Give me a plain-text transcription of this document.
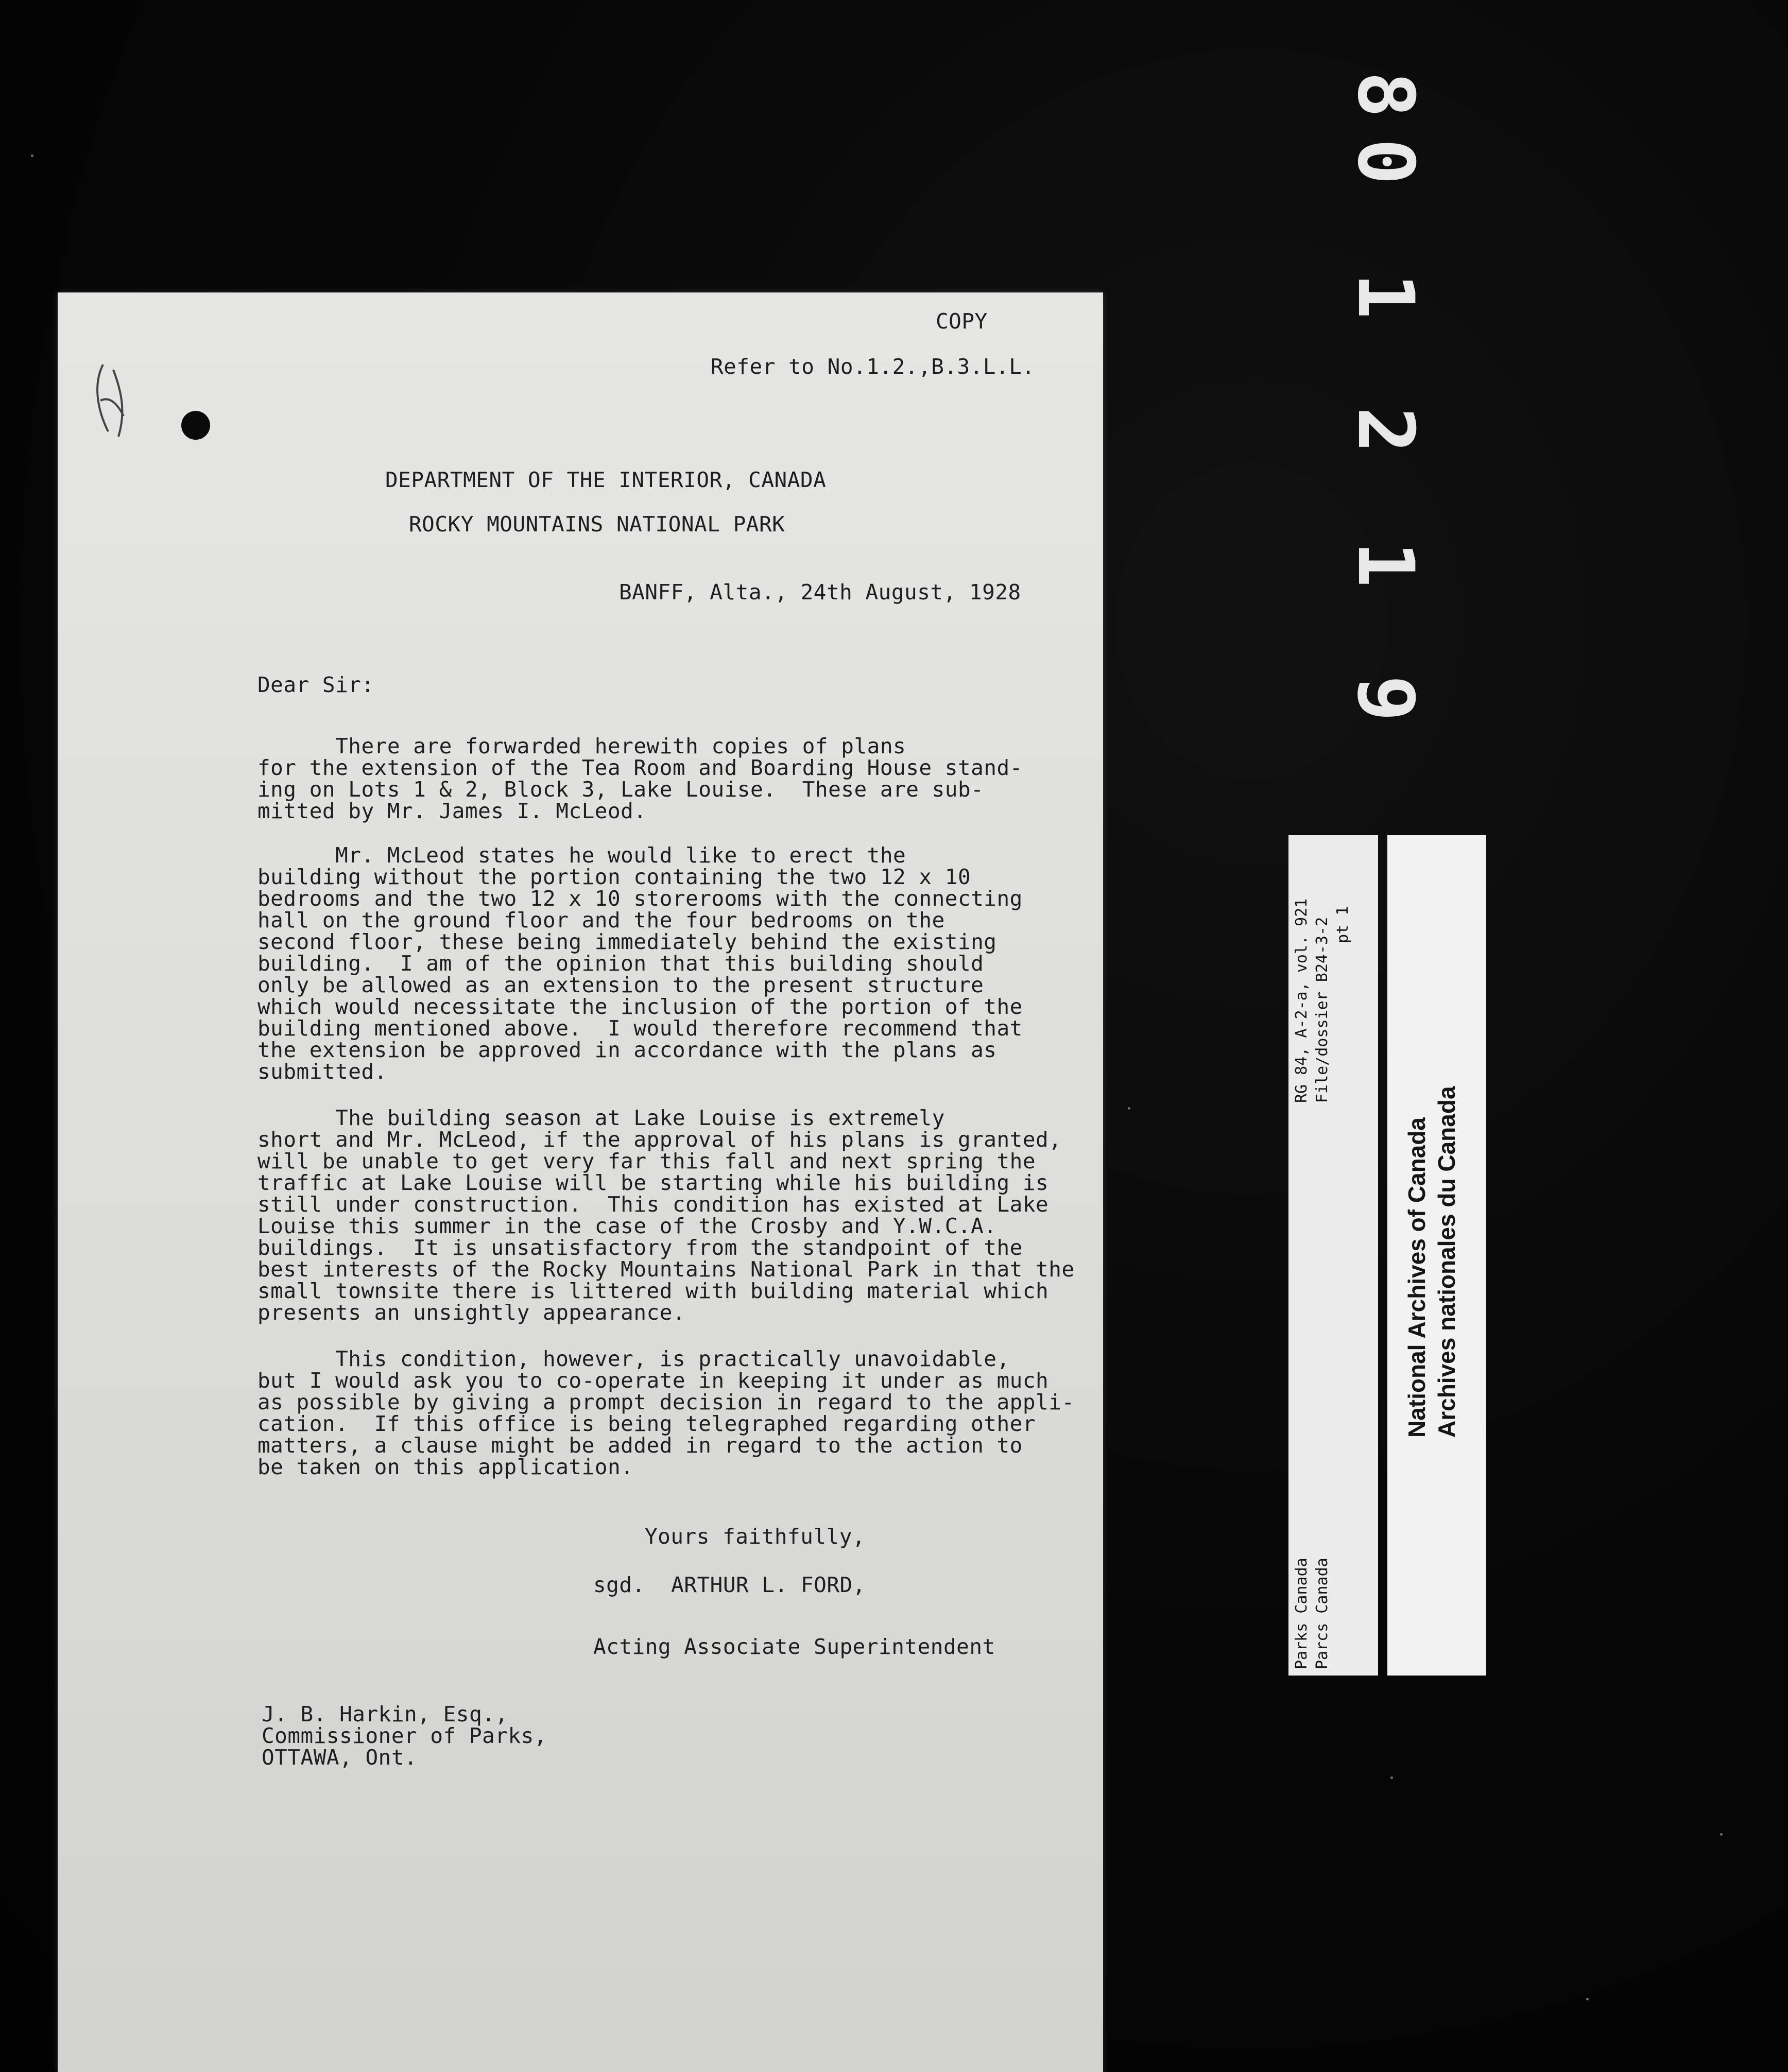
COPY
Refer to No.1.2.,B.3.L.L.
DEPARTMENT OF THE INTERIOR, CANADA
ROCKY MOUNTAINS NATIONAL PARK
BANFF, Alta., 24th August, 1928
Dear Sir:
There are forwarded herewith copies of plans
for the extension of the Tea Room and Boarding House stand-
ing on Lots 1 & 2, Block 3, Lake Louise.  These are sub-
mitted by Mr. James I. McLeod.
Mr. McLeod states he would like to erect the
building without the portion containing the two 12 x 10
bedrooms and the two 12 x 10 storerooms with the connecting
hall on the ground floor and the four bedrooms on the
second floor, these being immediately behind the existing
building.  I am of the opinion that this building should
only be allowed as an extension to the present structure
which would necessitate the inclusion of the portion of the
building mentioned above.  I would therefore recommend that
the extension be approved in accordance with the plans as
submitted.
The building season at Lake Louise is extremely
short and Mr. McLeod, if the approval of his plans is granted,
will be unable to get very far this fall and next spring the
traffic at Lake Louise will be starting while his building is
still under construction.  This condition has existed at Lake
Louise this summer in the case of the Crosby and Y.W.C.A.
buildings.  It is unsatisfactory from the standpoint of the
best interests of the Rocky Mountains National Park in that the
small townsite there is littered with building material which
presents an unsightly appearance.
This condition, however, is practically unavoidable,
but I would ask you to co-operate in keeping it under as much
as possible by giving a prompt decision in regard to the appli-
cation.  If this office is being telegraphed regarding other
matters, a clause might be added in regard to the action to
be taken on this application.
Yours faithfully,
sgd.  ARTHUR L. FORD,
Acting Associate Superintendent
J. B. Harkin, Esq.,
Commissioner of Parks,
OTTAWA, Ont.
80 1 2 1 9
RG 84, A-2-a, vol. 921 File/dossier B24-3-2 pt 1
Parks Canada Parcs Canada
National Archives of Canada Archives nationales du Canada
